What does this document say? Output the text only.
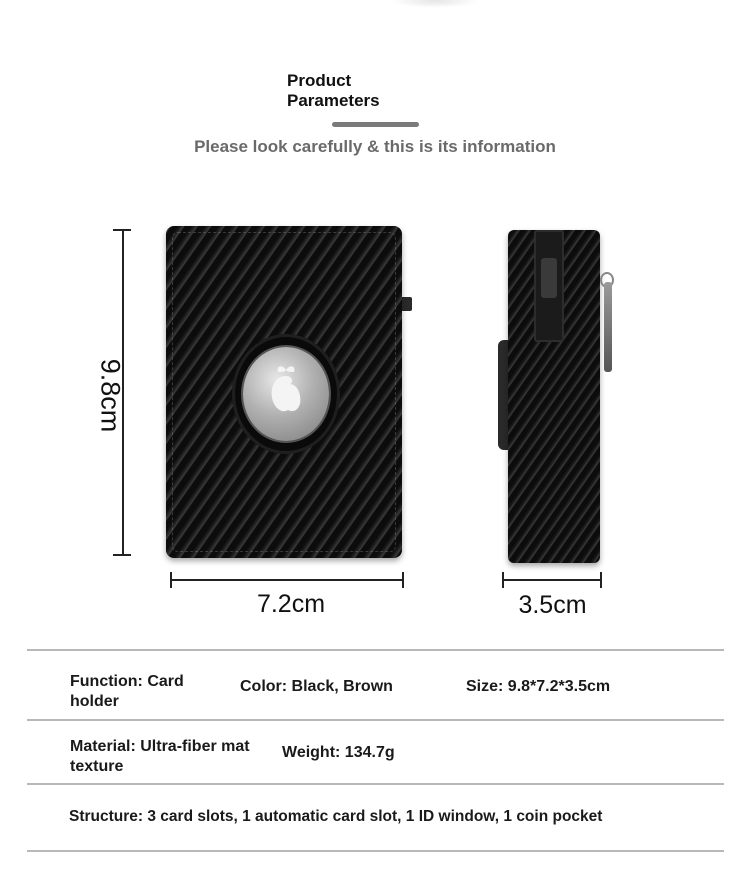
Product
Parameters
Please look carefully & this is its information
9.8cm
7.2cm	3.5cm
Function: Card holder
Color: Black, Brown	Size: 9.8*7.2*3.5cm
Material: Ultra-fiber mat texture
Weight: 134.7g
Structure: 3 card slots, 1 automatic card slot, 1 ID window, 1 coin pocket
